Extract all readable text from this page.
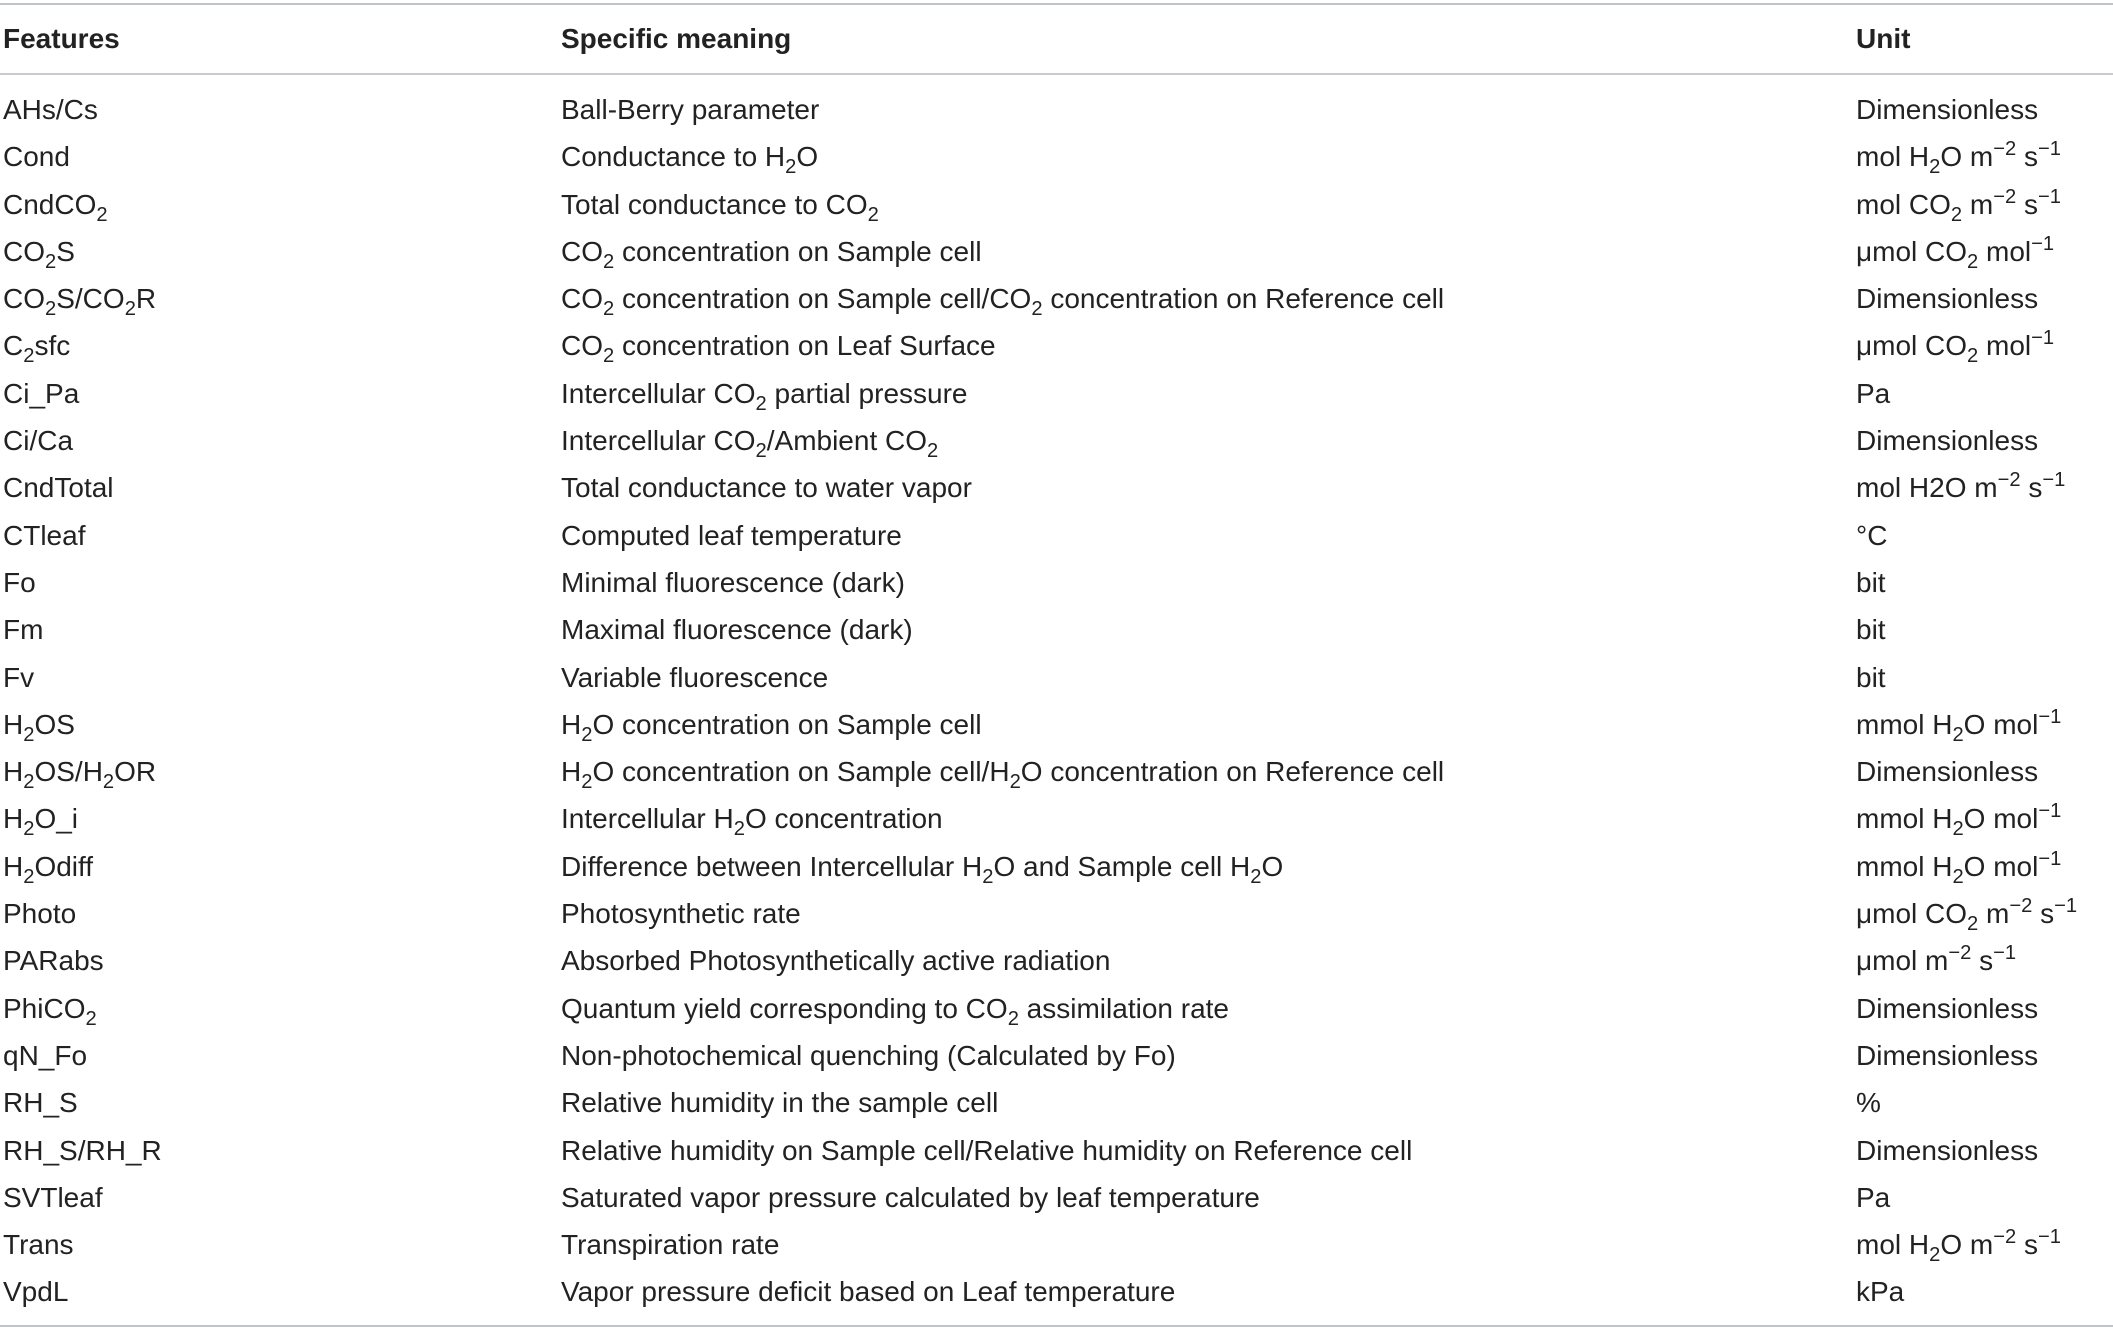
Features	Specific meaning	Unit
AHs/Cs	Ball-Berry parameter	Dimensionless
Cond	Conductance to $H_2O$	mol $H_2O$ $m^{-2}$ $s^{-1}$
CndCO$_2$	Total conductance to $CO_2$	mol $CO_2$ $m^{-2}$ $s^{-1}$
$CO_2S$	$CO_2$ concentration on Sample cell	μmol $CO_2$ mol$^{-1}$
$CO_2S/CO_2R$	$CO_2$ concentration on Sample cell/$CO_2$ concentration on Reference cell	Dimensionless
$C_2sfc$	$CO_2$ concentration on Leaf Surface	μmol $CO_2$ mol$^{-1}$
Ci_Pa	Intercellular $CO_2$ partial pressure	Pa
Ci/Ca	Intercellular $CO_2$/Ambient $CO_2$	Dimensionless
CndTotal	Total conductance to water vapor	mol H2O $m^{-2}$ $s^{-1}$
CTleaf	Computed leaf temperature	°C
Fo	Minimal fluorescence (dark)	bit
Fm	Maximal fluorescence (dark)	bit
Fv	Variable fluorescence	bit
$H_2OS$	$H_2O$ concentration on Sample cell	mmol $H_2O$ mol$^{-1}$
$H_2OS/H_2OR$	$H_2O$ concentration on Sample cell/$H_2O$ concentration on Reference cell	Dimensionless
$H_2O\_i$	Intercellular $H_2O$ concentration	mmol $H_2O$ mol$^{-1}$
$H_2Odiff$	Difference between Intercellular $H_2O$ and Sample cell $H_2O$	mmol $H_2O$ mol$^{-1}$
Photo	Photosynthetic rate	μmol $CO_2$ $m^{-2}$ $s^{-1}$
PARabs	Absorbed Photosynthetically active radiation	μmol $m^{-2}$ $s^{-1}$
PhiCO$_2$	Quantum yield corresponding to $CO_2$ assimilation rate	Dimensionless
qN_Fo	Non-photochemical quenching (Calculated by Fo)	Dimensionless
RH_S	Relative humidity in the sample cell	%
RH_S/RH_R	Relative humidity on Sample cell/Relative humidity on Reference cell	Dimensionless
SVTleaf	Saturated vapor pressure calculated by leaf temperature	Pa
Trans	Transpiration rate	mol $H_2O$ $m^{-2}$ $s^{-1}$
VpdL	Vapor pressure deficit based on Leaf temperature	kPa
